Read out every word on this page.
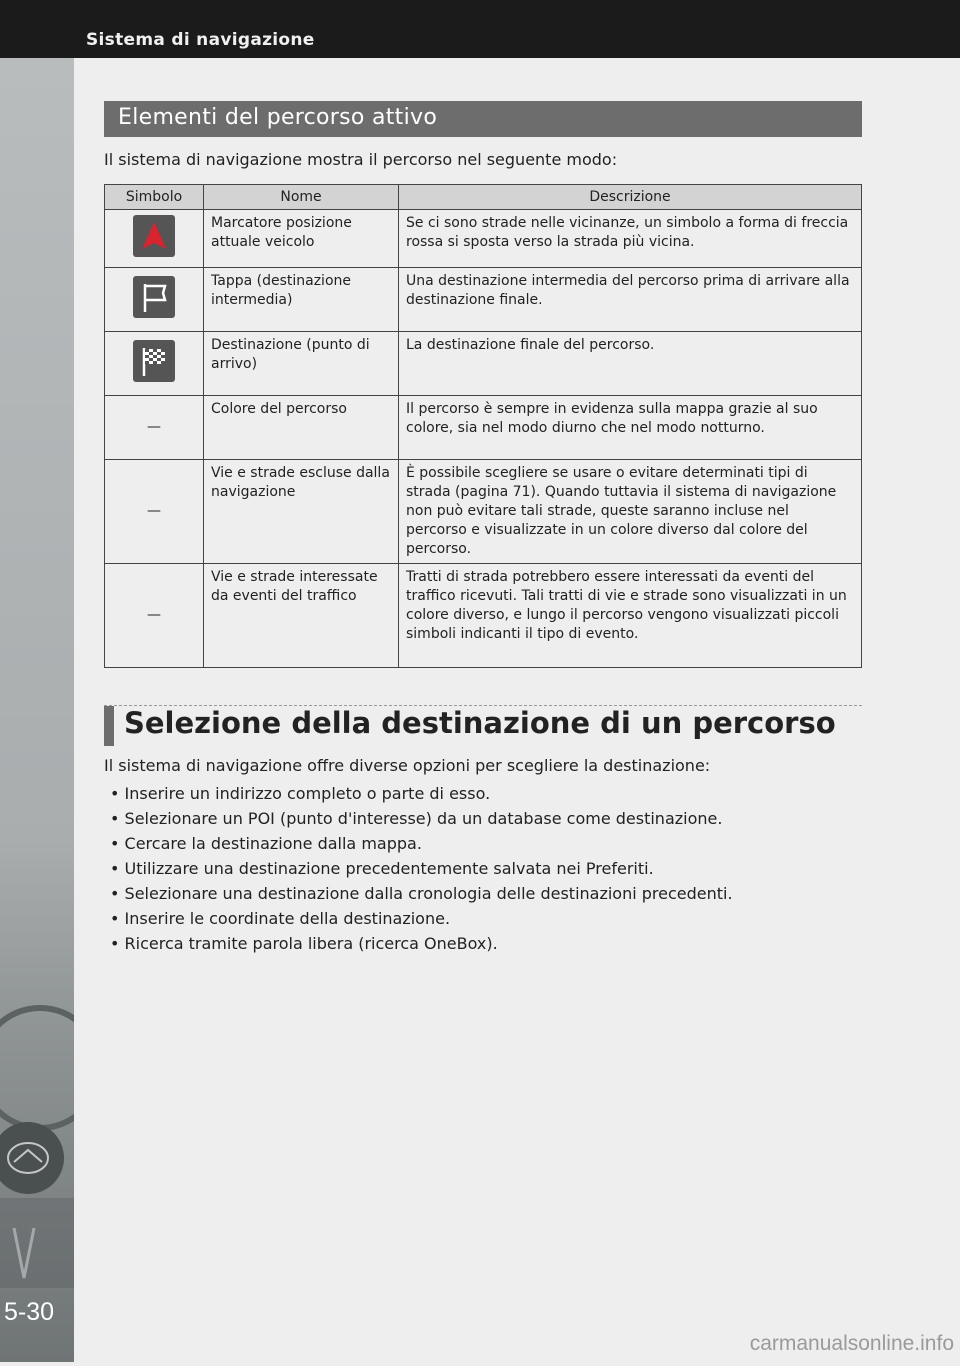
Sistema di navigazione
5-30
Elementi del percorso attivo
Il sistema di navigazione mostra il percorso nel seguente modo:
Simbolo	Nome	Descrizione
	Marcatore posizione attuale veicolo	Se ci sono strade nelle vicinanze, un simbolo a forma di freccia rossa si sposta verso la strada più vicina.
	Tappa (destinazione intermedia)	Una destinazione intermedia del percorso prima di arrivare alla destinazione finale.
	Destinazione (punto di arrivo)	La destinazione finale del percorso.
—	Colore del percorso	Il percorso è sempre in evidenza sulla mappa grazie al suo colore, sia nel modo diurno che nel modo notturno.
—	Vie e strade escluse dalla navigazione	È possibile scegliere se usare o evitare determinati tipi di strada (pagina 71). Quando tuttavia il sistema di navigazione non può evitare tali strade, queste saranno incluse nel percorso e visualizzate in un colore diverso dal colore del percorso.
—	Vie e strade interessate da eventi del traffico	Tratti di strada potrebbero essere interessati da eventi del traffico ricevuti. Tali tratti di vie e strade sono visualizzati in un colore diverso, e lungo il percorso vengono visualizzati piccoli simboli indicanti il tipo di evento.
Selezione della destinazione di un percorso
Il sistema di navigazione offre diverse opzioni per scegliere la destinazione:
• Inserire un indirizzo completo o parte di esso.
• Selezionare un POI (punto d'interesse) da un database come destinazione.
• Cercare la destinazione dalla mappa.
• Utilizzare una destinazione precedentemente salvata nei Preferiti.
• Selezionare una destinazione dalla cronologia delle destinazioni precedenti.
• Inserire le coordinate della destinazione.
• Ricerca tramite parola libera (ricerca OneBox).
carmanualsonline.info
